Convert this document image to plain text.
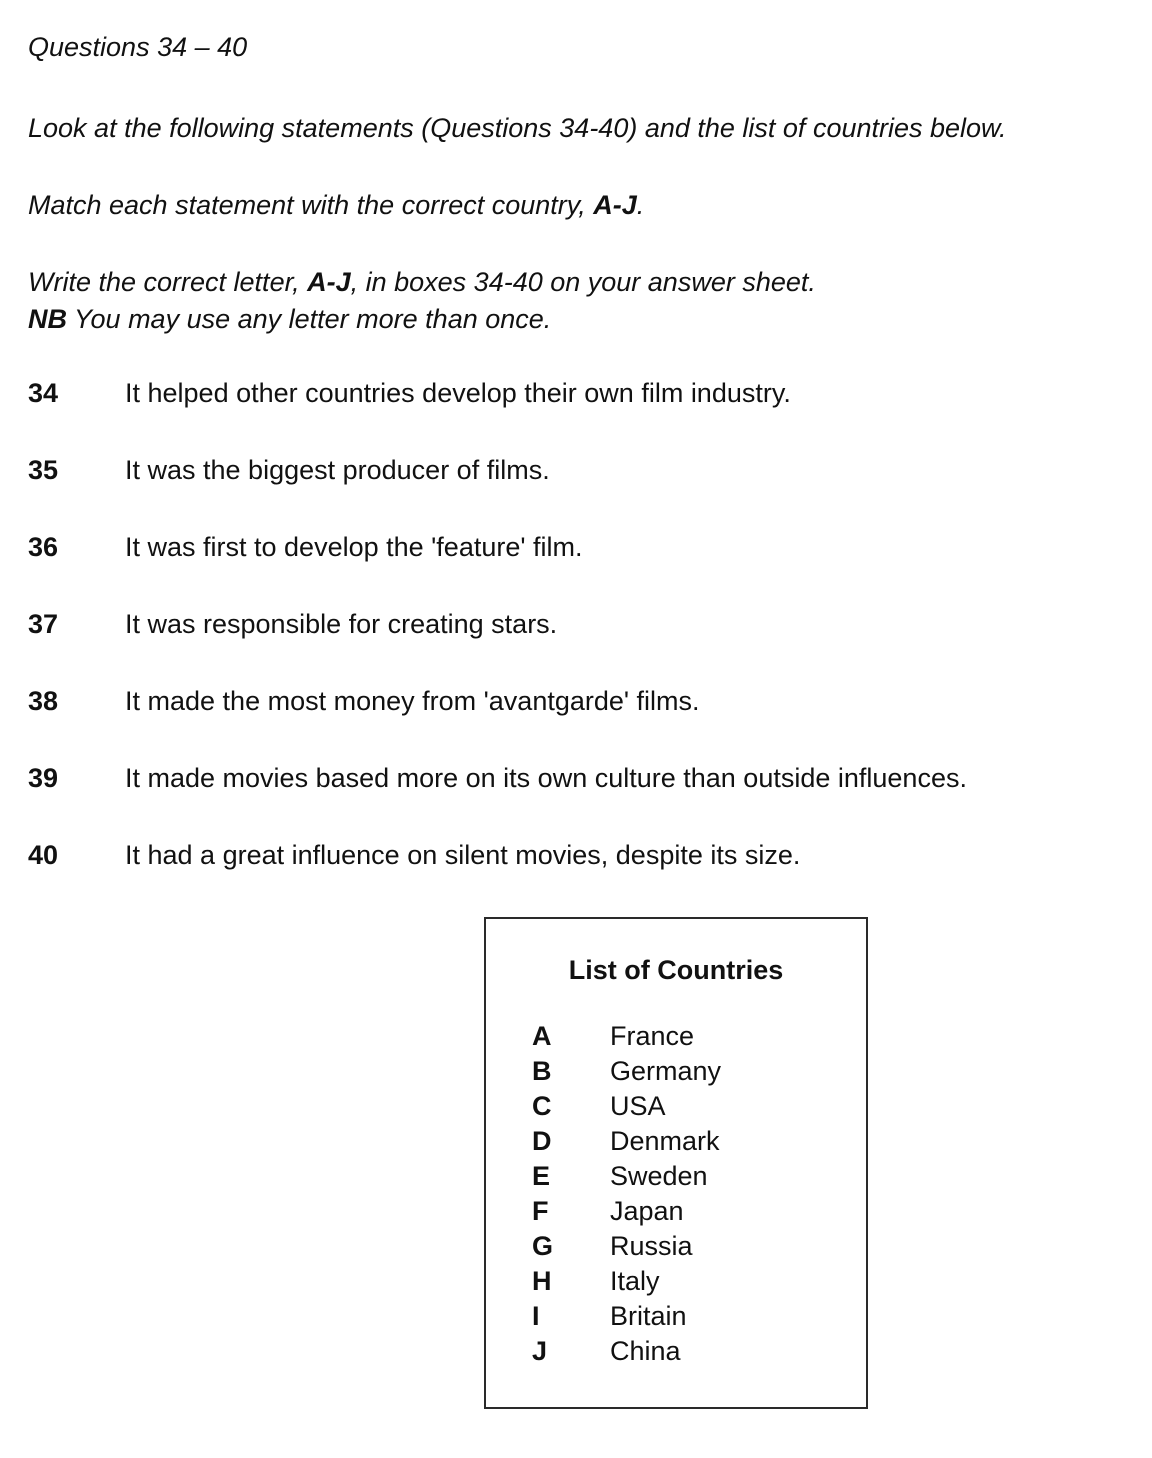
Questions 34 – 40

Look at the following statements (Questions 34-40) and the list of countries below.

Match each statement with the correct country, A-J.

Write the correct letter, A-J, in boxes 34-40 on your answer sheet.
NB You may use any letter more than once.

34	It helped other countries develop their own film industry.
35	It was the biggest producer of films.
36	It was first to develop the 'feature' film.
37	It was responsible for creating stars.
38	It made the most money from 'avantgarde' films.
39	It made movies based more on its own culture than outside influences.
40	It had a great influence on silent movies, despite its size.
List of Countries
A	France
B	Germany
C	USA
D	Denmark
E	Sweden
F	Japan
G	Russia
H	Italy
I	Britain
J	China
